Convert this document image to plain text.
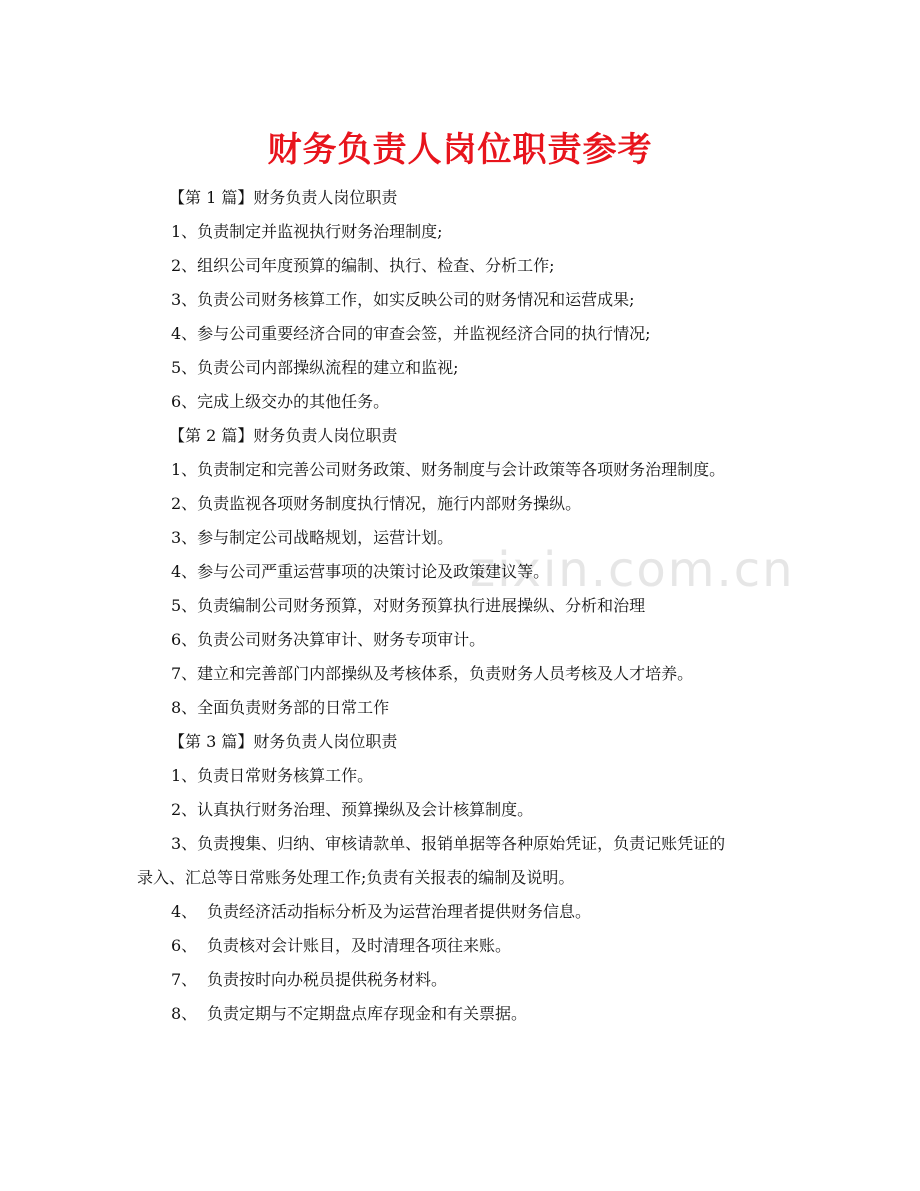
zixin.com.cn
财务负责人岗位职责参考

【第 1 篇】财务负责人岗位职责

1、负责制定并监视执行财务治理制度;

2、组织公司年度预算的编制、执行、检查、分析工作;

3、负责公司财务核算工作，如实反映公司的财务情况和运营成果;

4、参与公司重要经济合同的审查会签，并监视经济合同的执行情况;

5、负责公司内部操纵流程的建立和监视;

6、完成上级交办的其他任务。

【第 2 篇】财务负责人岗位职责

1、负责制定和完善公司财务政策、财务制度与会计政策等各项财务治理制度。

2、负责监视各项财务制度执行情况，施行内部财务操纵。

3、参与制定公司战略规划，运营计划。

4、参与公司严重运营事项的决策讨论及政策建议等。

5、负责编制公司财务预算，对财务预算执行进展操纵、分析和治理

6、负责公司财务决算审计、财务专项审计。

7、建立和完善部门内部操纵及考核体系，负责财务人员考核及人才培养。

8、全面负责财务部的日常工作

【第 3 篇】财务负责人岗位职责

1、负责日常财务核算工作。

2、认真执行财务治理、预算操纵及会计核算制度。

3、负责搜集、归纳、审核请款单、报销单据等各种原始凭证，负责记账凭证的

录入、汇总等日常账务处理工作;负责有关报表的编制及说明。

4、 负责经济活动指标分析及为运营治理者提供财务信息。

6、 负责核对会计账目，及时清理各项往来账。

7、 负责按时向办税员提供税务材料。

8、 负责定期与不定期盘点库存现金和有关票据。
